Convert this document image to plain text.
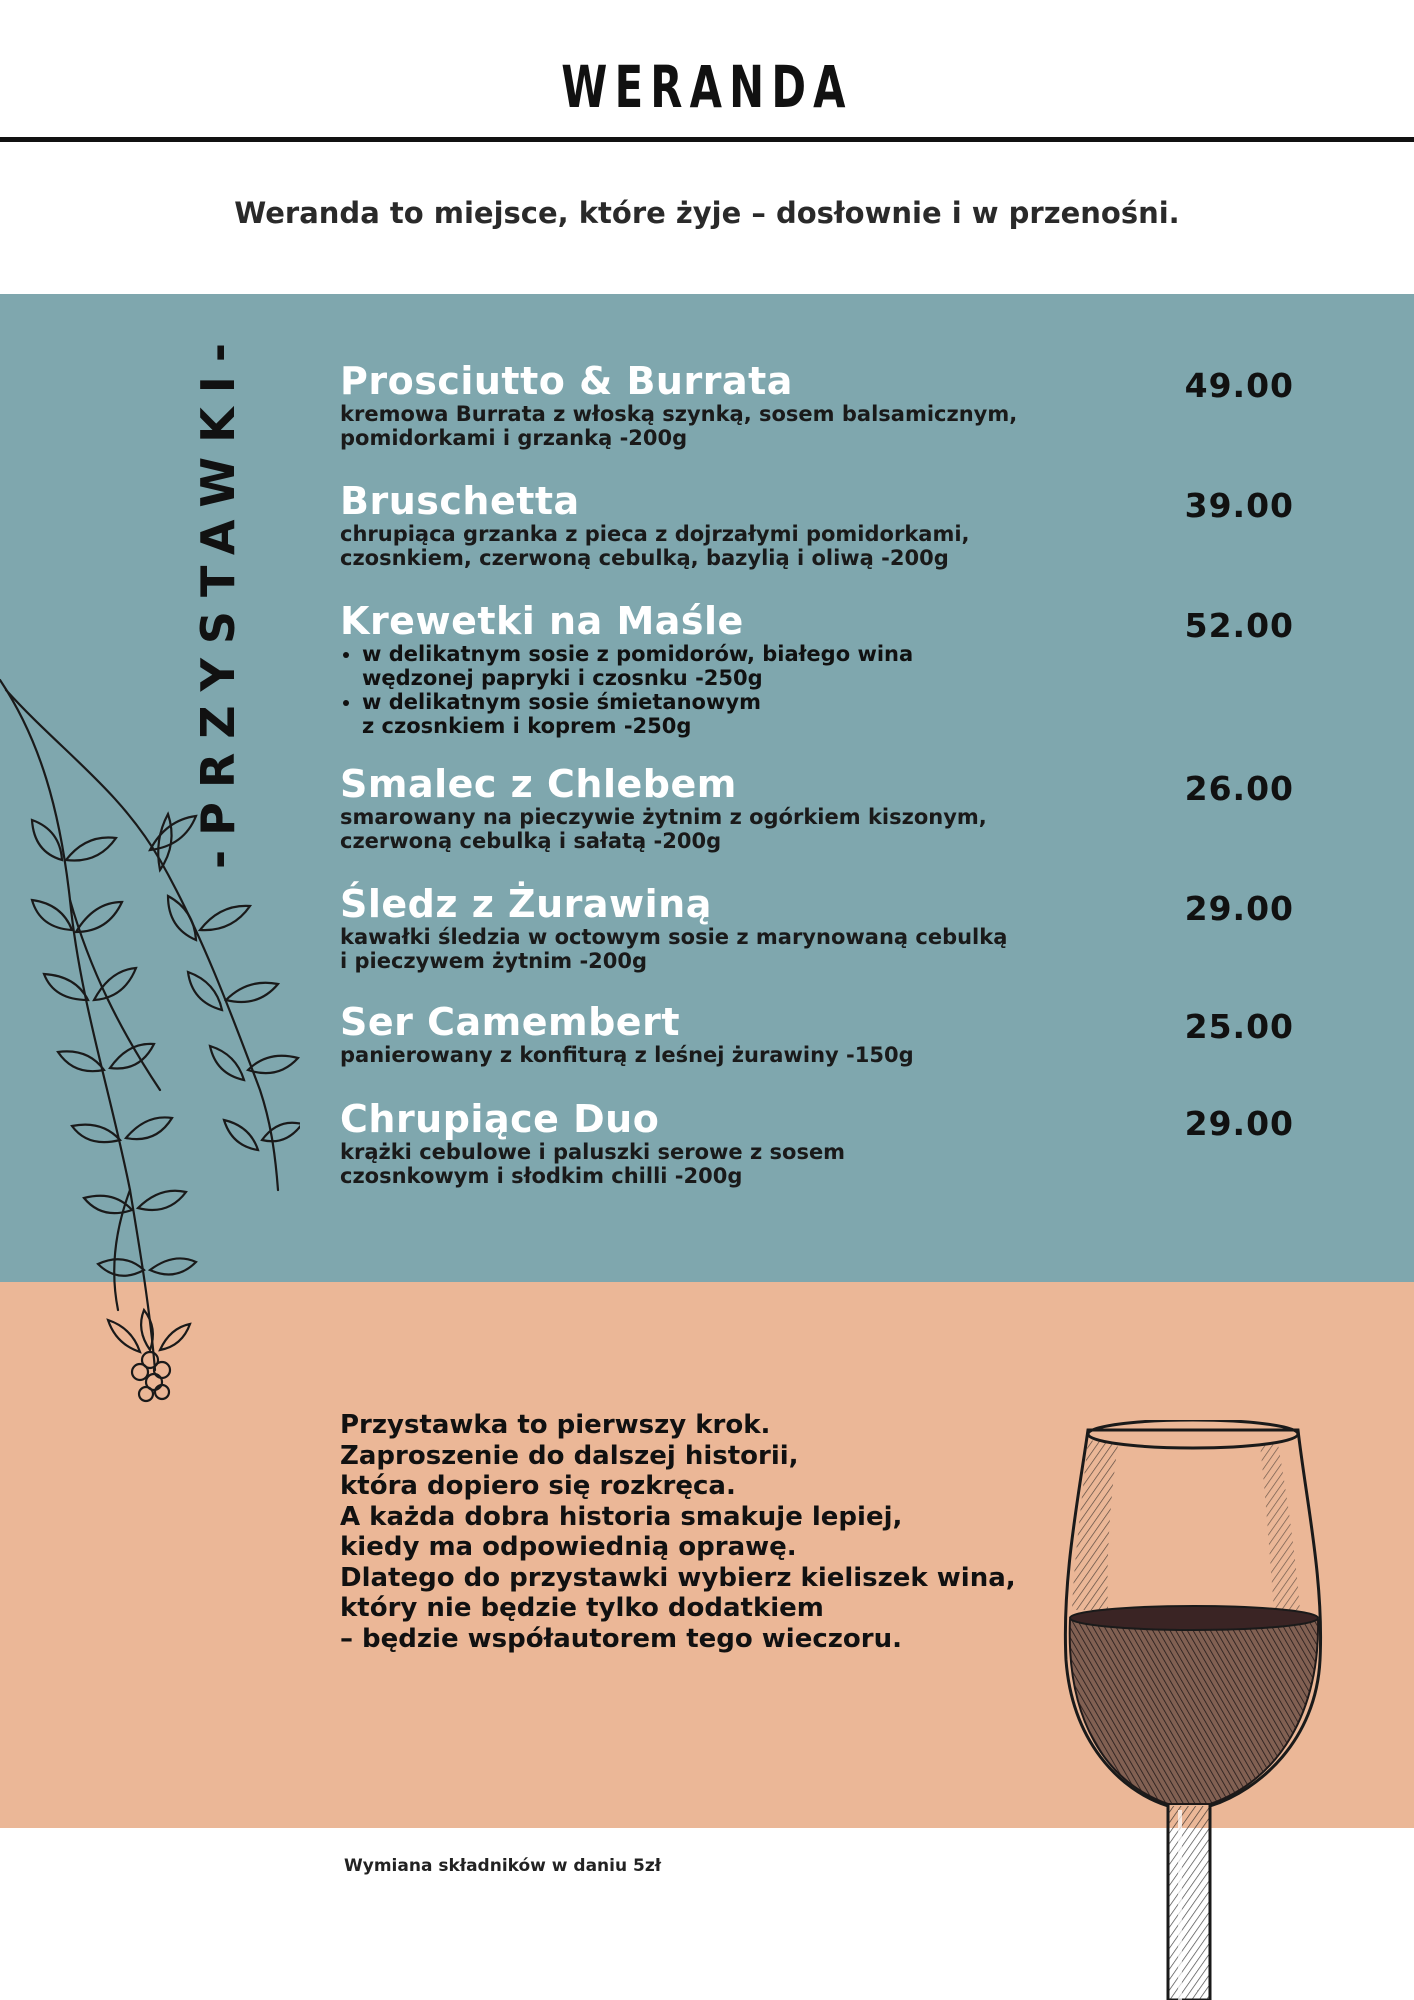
WERANDA
Weranda to miejsce, które żyje – dosłownie i w przenośni.
-PRZYSTAWKI-	Prosciutto & Burrata
kremowa Burrata z włoską szynką, sosem balsamicznym,
pomidorkami i grzanką -200g
49.00
Bruschetta
chrupiąca grzanka z pieca z dojrzałymi pomidorkami,
czosnkiem, czerwoną cebulką, bazylią i oliwą -200g
39.00
Krewetki na Maśle
• w delikatnym sosie z pomidorów, białego wina
wędzonej papryki i czosnku -250g
• w delikatnym sosie śmietanowym
z czosnkiem i koprem -250g
52.00
Smalec z Chlebem
smarowany na pieczywie żytnim z ogórkiem kiszonym,
czerwoną cebulką i sałatą -200g
26.00
Śledz z Żurawiną
kawałki śledzia w octowym sosie z marynowaną cebulką
i pieczywem żytnim -200g
29.00
Ser Camembert
panierowany z konfiturą z leśnej żurawiny -150g
25.00
Chrupiące Duo
krążki cebulowe i paluszki serowe z sosem
czosnkowym i słodkim chilli -200g
29.00
Przystawka to pierwszy krok.
Zaproszenie do dalszej historii,
która dopiero się rozkręca.
A każda dobra historia smakuje lepiej,
kiedy ma odpowiednią oprawę.
Dlatego do przystawki wybierz kieliszek wina,
który nie będzie tylko dodatkiem
– będzie współautorem tego wieczoru.
Wymiana składników w daniu 5zł
